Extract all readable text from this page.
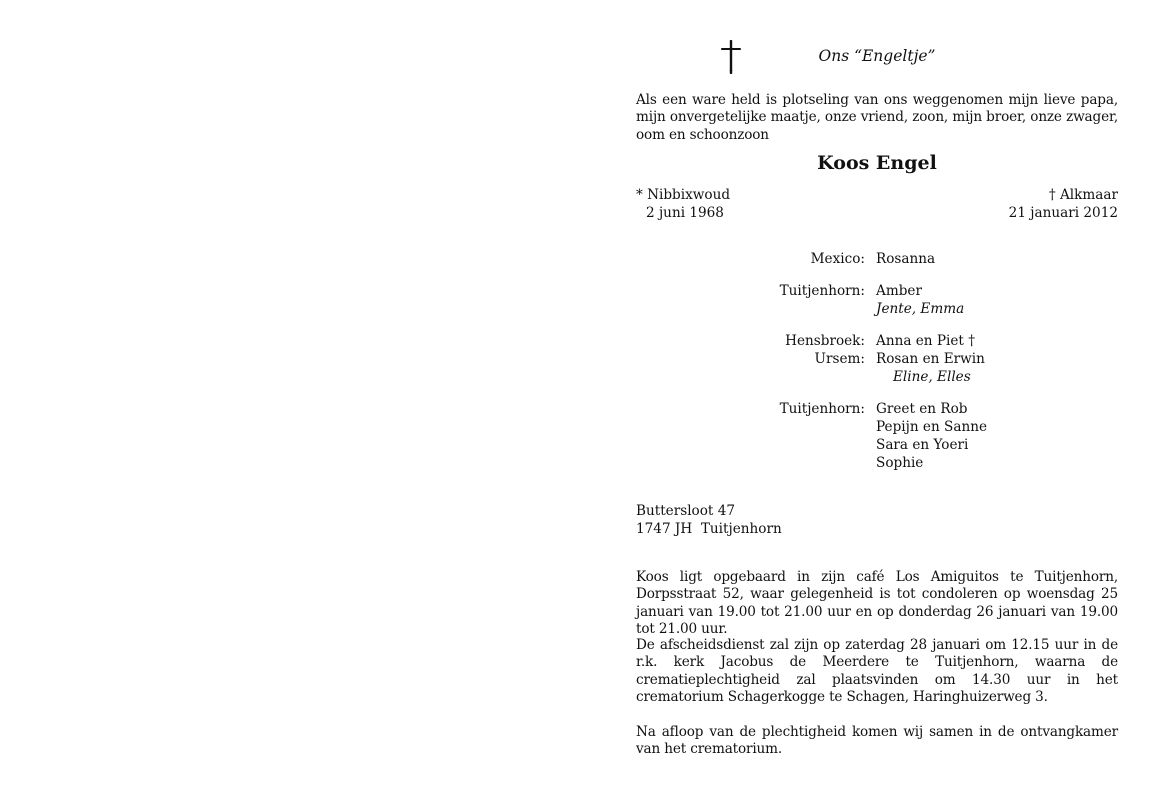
Ons “Engeltje”
Als een ware held is plotseling van ons weggenomen mijn lieve papa, mijn onvergetelijke maatje, onze vriend, zoon, mijn broer, onze zwager, oom en schoonzoon
Koos Engel
* Nibbixwoud
2 juni 1968
† Alkmaar
21 januari 2012
Mexico: Rosanna
Tuitjenhorn: Amber
Jente, Emma
Hensbroek: Anna en Piet †
Ursem: Rosan en Erwin
Eline, Elles
Tuitjenhorn: Greet en Rob
Pepijn en Sanne
Sara en Yoeri
Sophie
Buttersloot 47
1747 JH  Tuitjenhorn
Koos ligt opgebaard in zijn café Los Amiguitos te Tuitjenhorn, Dorpsstraat 52, waar gelegenheid is tot condoleren op woensdag 25 januari van 19.00 tot 21.00 uur en op donderdag 26 januari van 19.00 tot 21.00 uur.
De afscheidsdienst zal zijn op zaterdag 28 januari om 12.15 uur in de r.k. kerk Jacobus de Meerdere te Tuitjenhorn, waarna de crematieplechtigheid zal plaatsvinden om 14.30 uur in het crematorium Schagerkogge te Schagen, Haringhuizerweg 3.
Na afloop van de plechtigheid komen wij samen in de ontvangkamer van het crematorium.
